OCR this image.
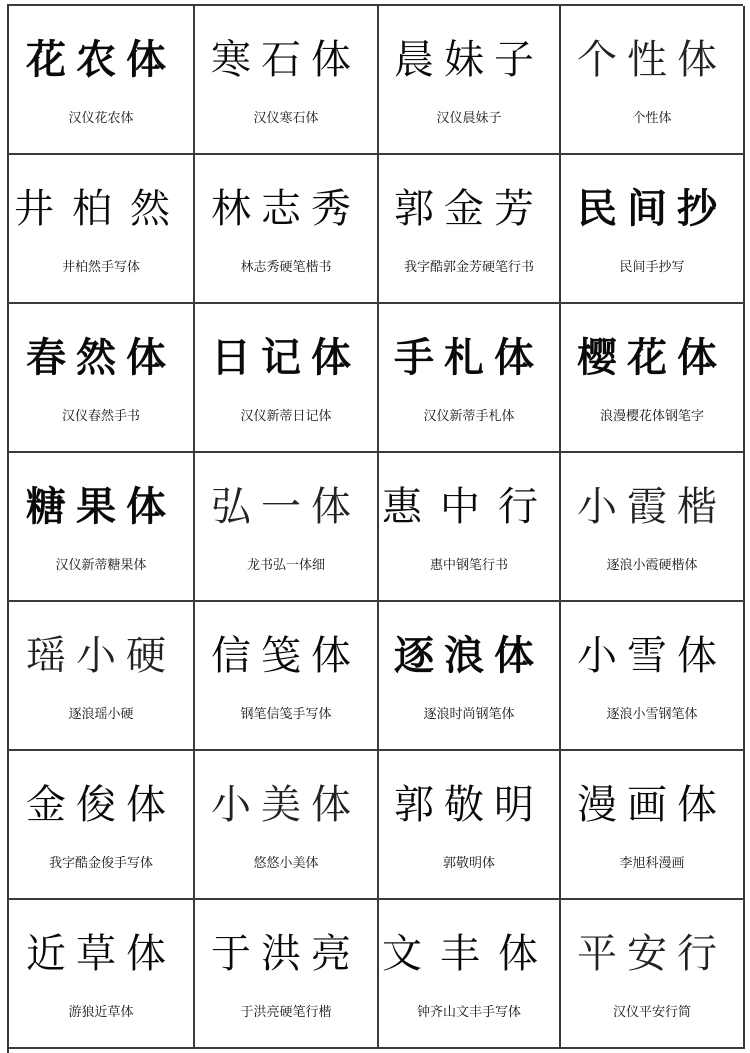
花农体
汉仪花农体
寒石体
汉仪寒石体
晨妹子
汉仪晨妹子
个性体
个性体
井柏然
井柏然手写体
林志秀
林志秀硬笔楷书
郭金芳
我字酷郭金芳硬笔行书
民间抄
民间手抄写
春然体
汉仪春然手书
日记体
汉仪新蒂日记体
手札体
汉仪新蒂手札体
樱花体
浪漫樱花体钢笔字
糖果体
汉仪新蒂糖果体
弘一体
龙书弘一体细
惠中行
惠中钢笔行书
小霞楷
逐浪小霞硬楷体
瑶小硬
逐浪瑶小硬
信笺体
钢笔信笺手写体
逐浪体
逐浪时尚钢笔体
小雪体
逐浪小雪钢笔体
金俊体
我字酷金俊手写体
小美体
悠悠小美体
郭敬明
郭敬明体
漫画体
李旭科漫画
近草体
游狼近草体
于洪亮
于洪亮硬笔行楷
文丰体
钟齐山文丰手写体
平安行
汉仪平安行简
